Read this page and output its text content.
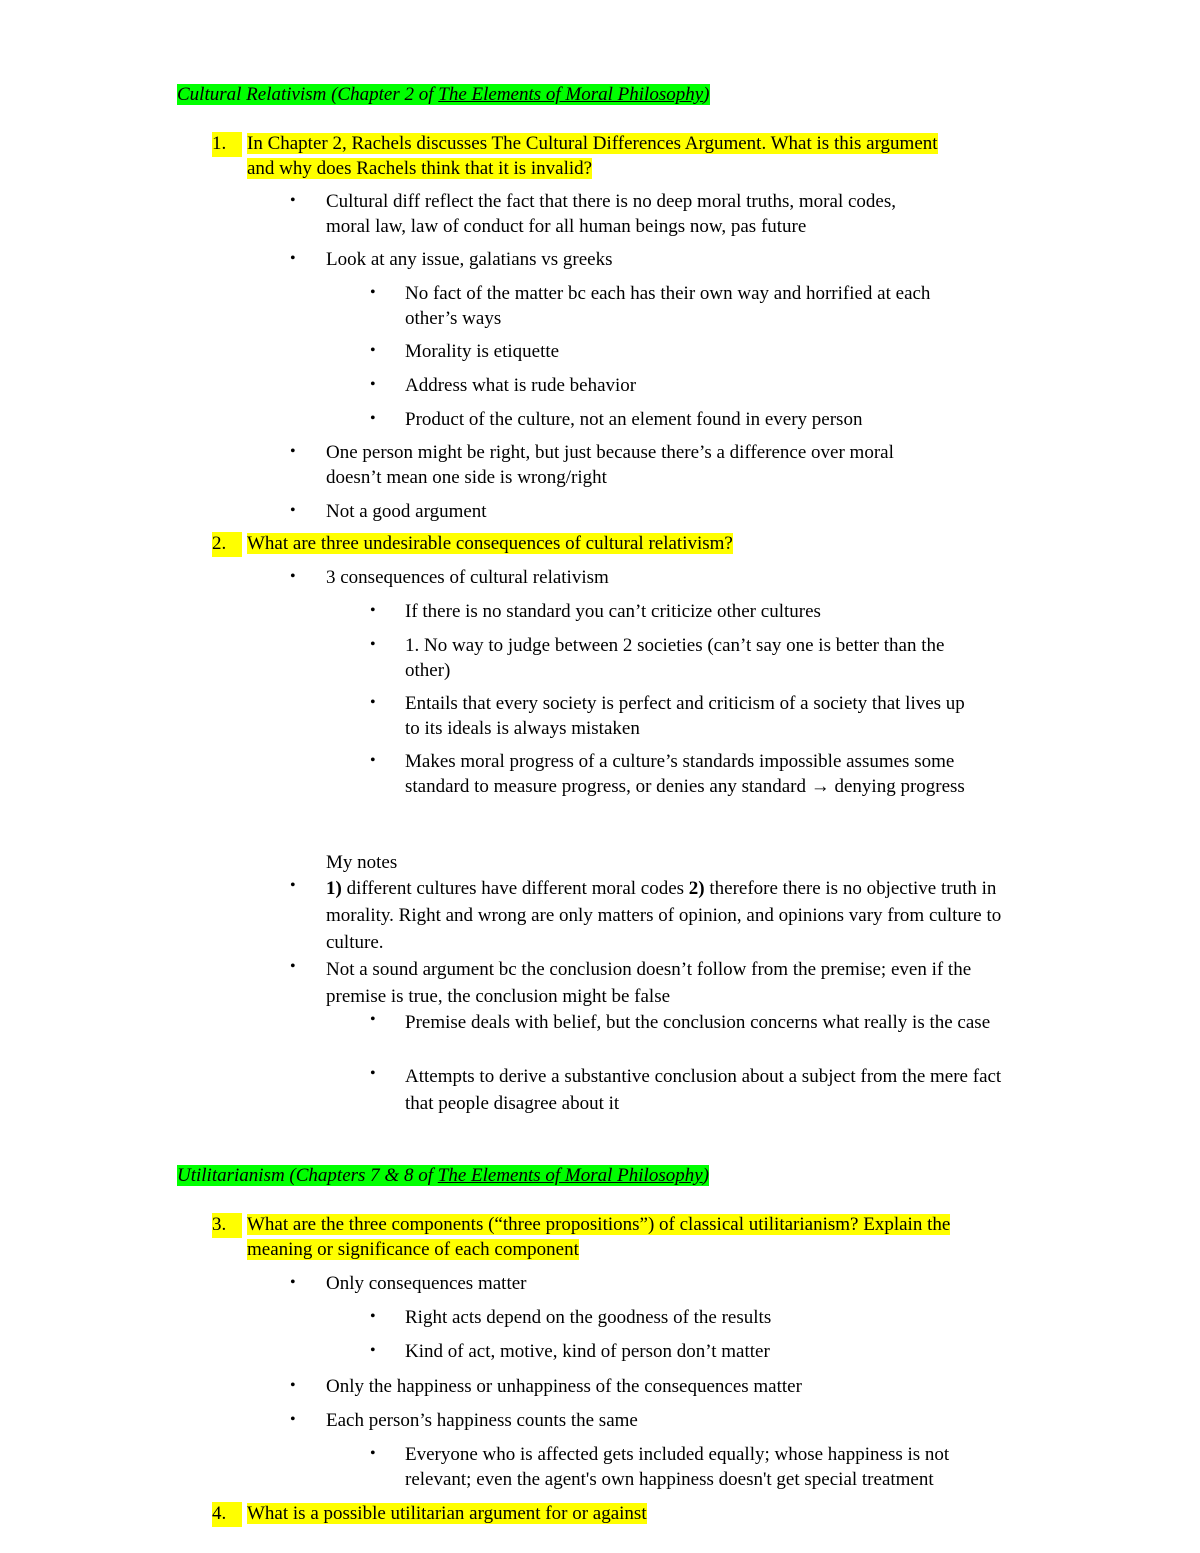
Cultural Relativism (Chapter 2 of The Elements of Moral Philosophy)
1.	In Chapter 2, Rachels discusses The Cultural Differences Argument. What is this argument and why does Rachels think that it is invalid?
• Cultural diff reflect the fact that there is no deep moral truths, moral codes, moral law, law of conduct for all human beings now, pas future
• Look at any issue, galatians vs greeks
• No fact of the matter bc each has their own way and horrified at each other’s ways
• Morality is etiquette
• Address what is rude behavior
• Product of the culture, not an element found in every person
• One person might be right, but just because there’s a difference over moral doesn’t mean one side is wrong/right
• Not a good argument
2.	What are three undesirable consequences of cultural relativism?
• 3 consequences of cultural relativism
• If there is no standard you can’t criticize other cultures
• 1. No way to judge between 2 societies (can’t say one is better than the other)
• Entails that every society is perfect and criticism of a society that lives up to its ideals is always mistaken
• Makes moral progress of a culture’s standards impossible assumes some standard to measure progress, or denies any standard → denying progress
My notes
• 1) different cultures have different moral codes 2) therefore there is no objective truth in morality. Right and wrong are only matters of opinion, and opinions vary from culture to culture.
• Not a sound argument bc the conclusion doesn’t follow from the premise; even if the premise is true, the conclusion might be false
• Premise deals with belief, but the conclusion concerns what really is the case
• Attempts to derive a substantive conclusion about a subject from the mere fact that people disagree about it
Utilitarianism (Chapters 7 & 8 of The Elements of Moral Philosophy)
3.	What are the three components (“three propositions”) of classical utilitarianism? Explain the meaning or significance of each component
• Only consequences matter
• Right acts depend on the goodness of the results
• Kind of act, motive, kind of person don’t matter
• Only the happiness or unhappiness of the consequences matter
• Each person’s happiness counts the same
• Everyone who is affected gets included equally; whose happiness is not relevant; even the agent's own happiness doesn't get special treatment
4.	What is a possible utilitarian argument for or against
